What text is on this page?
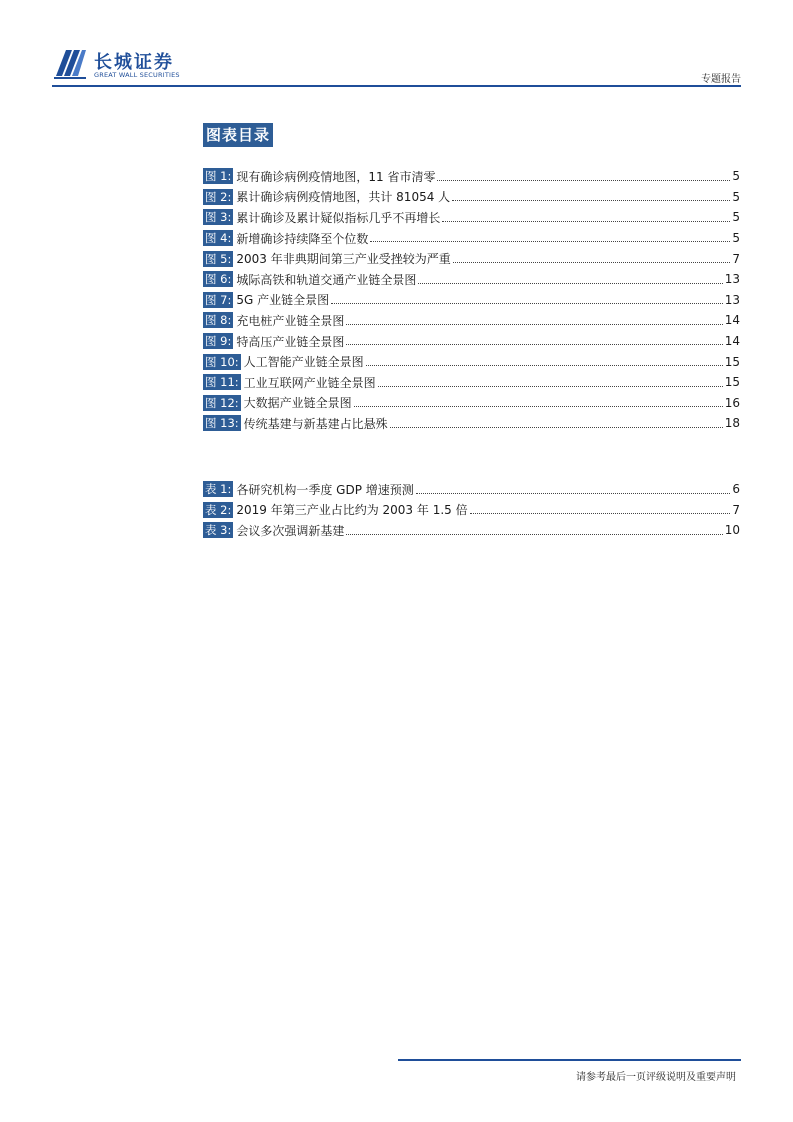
长城证券
GREAT WALL SECURITIES	专题报告
图表目录
图 1: 现有确诊病例疫情地图，11 省市清零	5
图 2: 累计确诊病例疫情地图，共计 81054 人	5
图 3: 累计确诊及累计疑似指标几乎不再增长	5
图 4: 新增确诊持续降至个位数	5
图 5: 2003 年非典期间第三产业受挫较为严重	7
图 6: 城际高铁和轨道交通产业链全景图	13
图 7: 5G 产业链全景图	13
图 8: 充电桩产业链全景图	14
图 9: 特高压产业链全景图	14
图 10: 人工智能产业链全景图	15
图 11: 工业互联网产业链全景图	15
图 12: 大数据产业链全景图	16
图 13: 传统基建与新基建占比悬殊	18
表 1: 各研究机构一季度 GDP 增速预测	6
表 2: 2019 年第三产业占比约为 2003 年 1.5 倍	7
表 3: 会议多次强调新基建	10
请参考最后一页评级说明及重要声明
